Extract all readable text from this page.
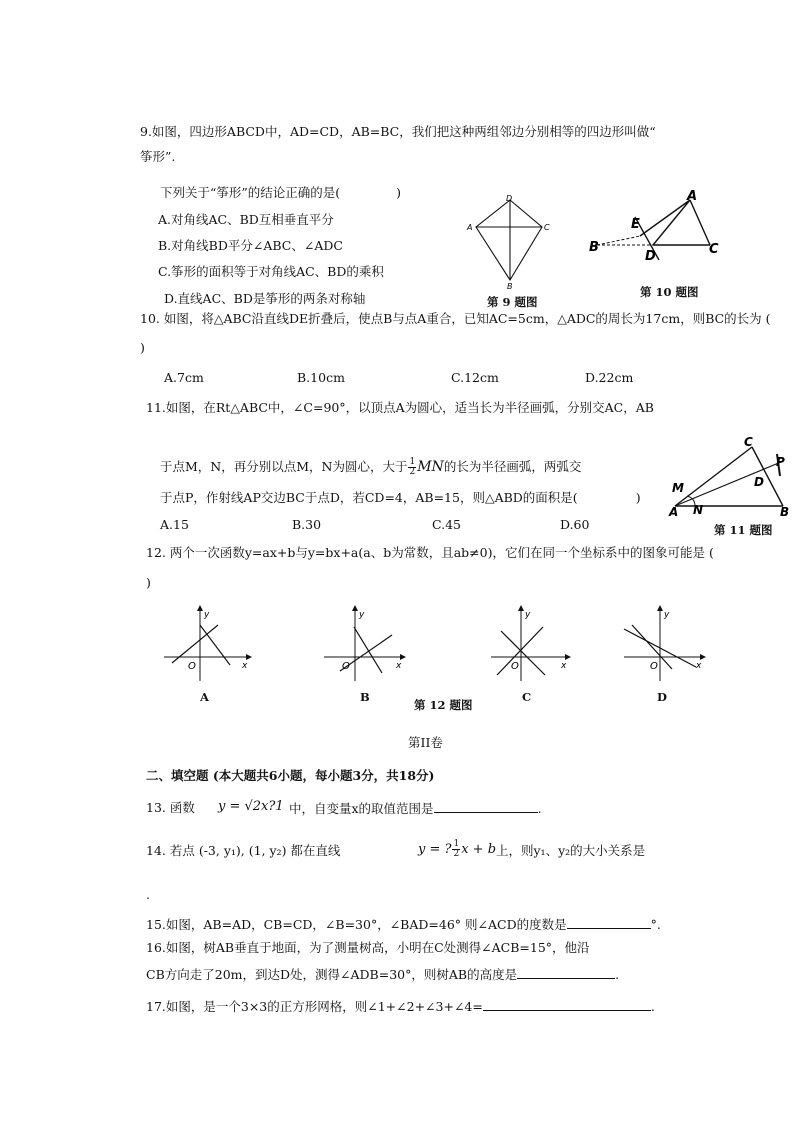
9.如图，四边形ABCD中，AD=CD，AB=BC，我们把这种两组邻边分别相等的四边形叫做“
筝形”.
下列关于“筝形”的结论正确的是(	)
A.对角线AC、BD互相垂直平分
B.对角线BD平分∠ABC、∠ADC
C.筝形的面积等于对角线AC、BD的乘积
D.直线AC、BD是筝形的两条对称轴
D
C
A
B
第 9 题图
A
B	C
D
E
第 10 题图
10. 如图，将△ABC沿直线DE折叠后，使点B与点A重合，已知AC=5cm，△ADC的周长为17cm，则BC的长为 (
)
A.7cm	B.10cm	C.12cm	D.22cm
11.如图，在Rt△ABC中，∠C=90°，以顶点A为圆心，适当长为半径画弧，分别交AC，AB
于点M，N，再分别以点M，N为圆心，大于 $\frac{1}{2}$ MN的长为半径画弧，两弧交
于点P，作射线AP交边BC于点D，若CD=4，AB=15，则△ABD的面积是(	)
A.15	B.30	C.45	D.60
A	B
C
D
M
N
P
第 11 题图
12. 两个一次函数y=ax+b与y=bx+a(a、b为常数，且ab≠0)，它们在同一个坐标系中的图象可能是 (
)
y
x
O
A
y
x
O
B
y
x
O
C
y
x
O
D
第 12 题图
第II卷
二、填空题 (本大题共6小题，每小题3分，共18分)
13. 函数 y = √2x?1 中，自变量x的取值范围是	.
14. 若点 (-3, y₁), (1, y₂) 都在直线	y = ? $\frac{1}{2}$ x + b 上，则y₁、y₂的大小关系是
.
15.如图，AB=AD，CB=CD，∠B=30°，∠BAD=46° 则∠ACD的度数是	°.
16.如图，树AB垂直于地面，为了测量树高，小明在C处测得∠ACB=15°，他沿
CB方向走了20m，到达D处，测得∠ADB=30°，则树AB的高度是	.
17.如图，是一个3×3的正方形网格，则∠1+∠2+∠3+∠4=	.
